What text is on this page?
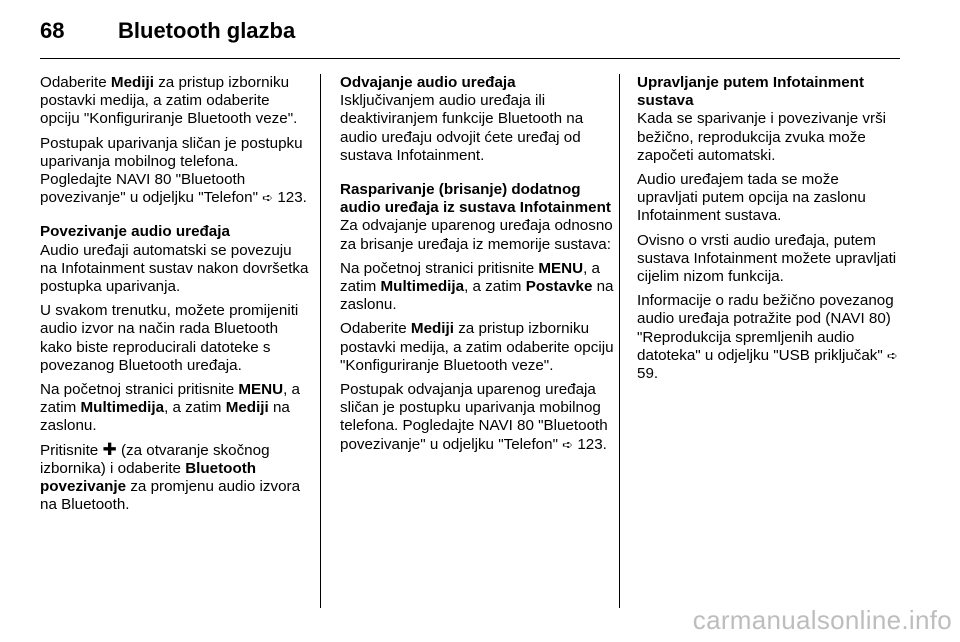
68	Bluetooth glazba

Odaberite Mediji za pristup izborniku postavki medija, a zatim odaberite opciju "Konfiguriranje Bluetooth veze".

Postupak uparivanja sličan je postupku uparivanja mobilnog telefona. Pogledajte NAVI 80 "Bluetooth povezivanje" u odjeljku "Telefon" ➪ 123.

Povezivanje audio uređaja

Audio uređaji automatski se povezuju na Infotainment sustav nakon dovršetka postupka uparivanja.

U svakom trenutku, možete promijeniti audio izvor na način rada Bluetooth kako biste reproducirali datoteke s povezanog Bluetooth uređaja.

Na početnoj stranici pritisnite MENU, a zatim Multimedija, a zatim Mediji na zaslonu.

Pritisnite ✚ (za otvaranje skočnog izbornika) i odaberite Bluetooth povezivanje za promjenu audio izvora na Bluetooth.

Odvajanje audio uređaja

Isključivanjem audio uređaja ili deaktiviranjem funkcije Bluetooth na audio uređaju odvojit ćete uređaj od sustava Infotainment.

Rasparivanje (brisanje) dodatnog audio uređaja iz sustava Infotainment

Za odvajanje uparenog uređaja odnosno za brisanje uređaja iz memorije sustava:

Na početnoj stranici pritisnite MENU, a zatim Multimedija, a zatim Postavke na zaslonu.

Odaberite Mediji za pristup izborniku postavki medija, a zatim odaberite opciju "Konfiguriranje Bluetooth veze".

Postupak odvajanja uparenog uređaja sličan je postupku uparivanja mobilnog telefona. Pogledajte NAVI 80 "Bluetooth povezivanje" u odjeljku "Telefon" ➪ 123.

Upravljanje putem Infotainment sustava

Kada se sparivanje i povezivanje vrši bežično, reprodukcija zvuka može započeti automatski.

Audio uređajem tada se može upravljati putem opcija na zaslonu Infotainment sustava.

Ovisno o vrsti audio uređaja, putem sustava Infotainment možete upravljati cijelim nizom funkcija.

Informacije o radu bežično povezanog audio uređaja potražite pod (NAVI 80) "Reprodukcija spremljenih audio datoteka" u odjeljku "USB priključak" ➪ 59.

carmanualsonline.info
